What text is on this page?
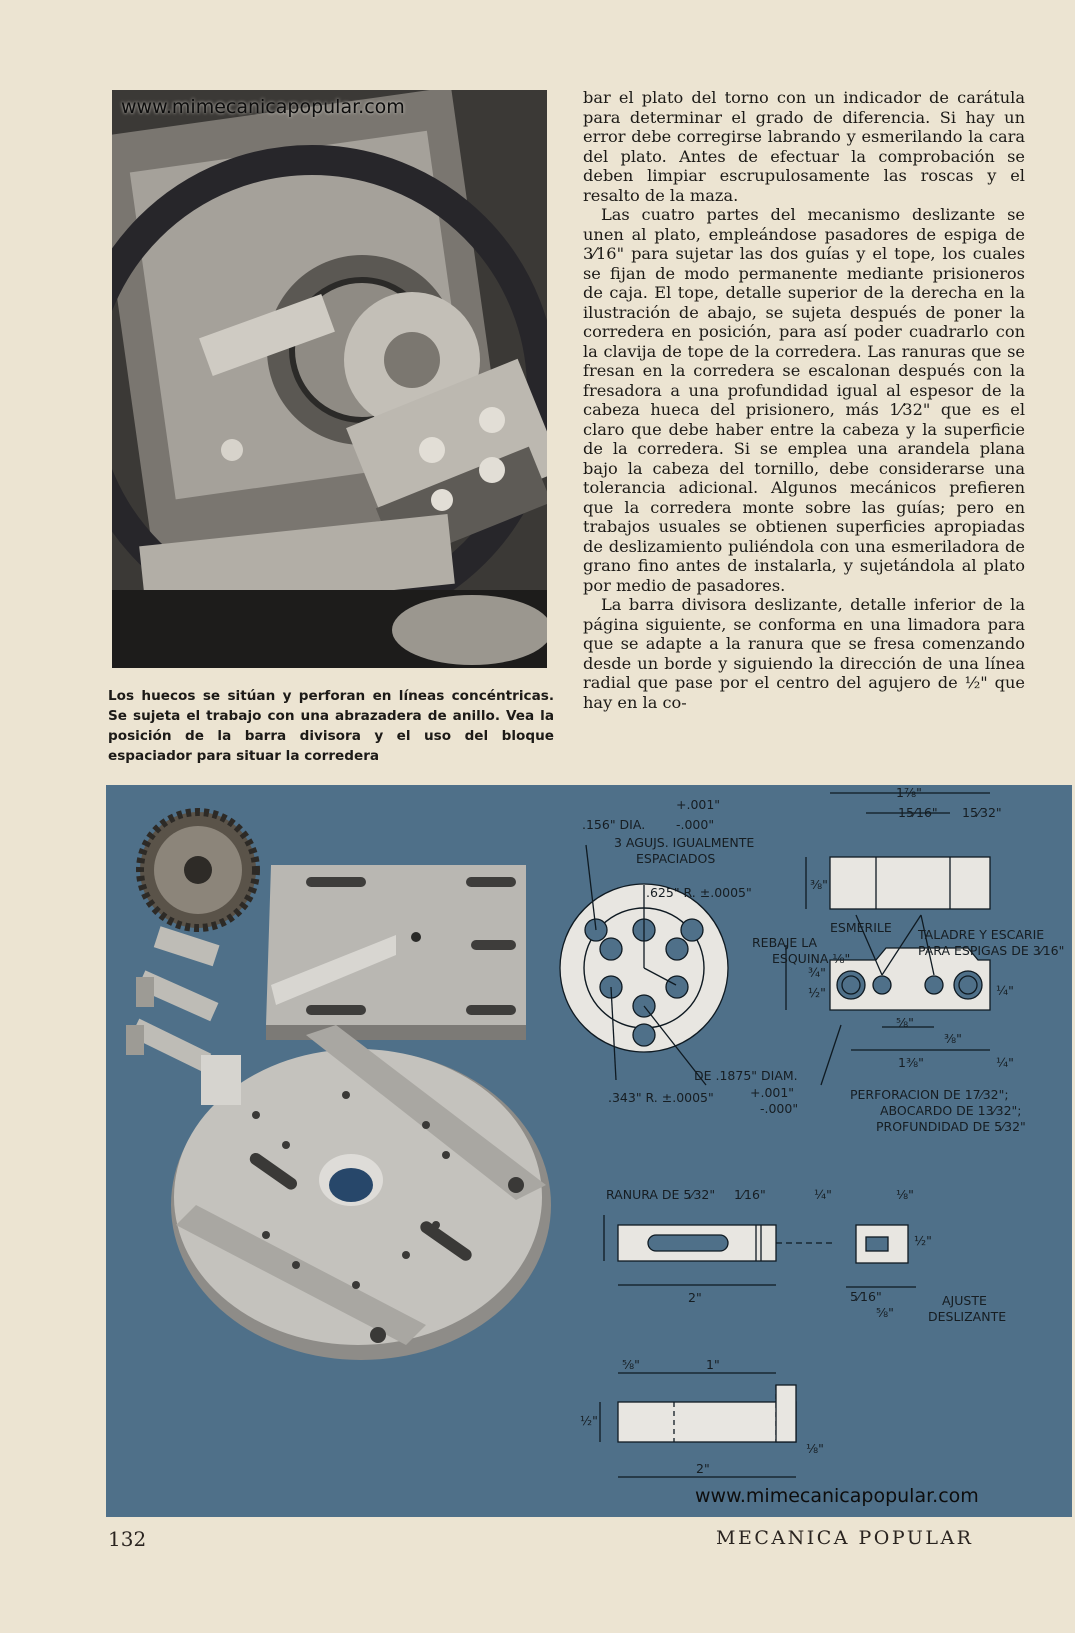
www.mimecanicapopular.com
Los huecos se sitúan y perforan en líneas concéntricas. Se sujeta el trabajo con una abrazadera de anillo. Vea la posición de la barra divisora y el uso del bloque espaciador para situar la corredera

bar el plato del torno con un indicador de carátula para determinar el grado de diferencia. Si hay un error debe corregirse labrando y esmerilando la cara del plato. Antes de efectuar la comprobación se deben limpiar escrupulosamente las roscas y el resalto de la maza.

Las cuatro partes del mecanismo deslizante se unen al plato, empleándose pasadores de espiga de 3⁄16" para sujetar las dos guías y el tope, los cuales se fijan de modo permanente mediante prisioneros de caja. El tope, detalle superior de la derecha en la ilustración de abajo, se sujeta después de poner la corredera en posición, para así poder cuadrarlo con la clavija de tope de la corredera. Las ranuras que se fresan en la corredera se escalonan después con la fresadora a una profundidad igual al espesor de la cabeza hueca del prisionero, más 1⁄32" que es el claro que debe haber entre la cabeza y la superficie de la corredera. Si se emplea una arandela plana bajo la cabeza del tornillo, debe considerarse una tolerancia adicional. Algunos mecánicos prefieren que la corredera monte sobre las guías; pero en trabajos usuales se obtienen superficies apropiadas de deslizamiento puliéndola con una esmeriladora de grano fino antes de instalarla, y sujetándola al plato por medio de pasadores.

La barra divisora deslizante, detalle inferior de la página siguiente, se conforma en una limadora para que se adapte a la ranura que se fresa comenzando desde un borde y siguiendo la dirección de una línea radial que pase por el centro del agujero de ½" que hay en la co-

+.001"
.156" DIA. -.000"
3 AGUJS. IGUALMENTE
ESPACIADOS
.625" R. ±.0005"
DE .1875" DIAM.
.343" R. ±.0005"	+.001"
-.000"
1⅞"
15⁄16" 15⁄32"
⅜"
ESMERILE TALADRE Y ESCARIE
PARA ESPIGAS DE 3⁄16"
REBAJE LA
ESQUINA ⅛"
¾"
½"	¼"
⅝"
⅜"
1⅜"	¼"
PERFORACION DE 17⁄32";
ABOCARDO DE 13⁄32";
PROFUNDIDAD DE 5⁄32"
RANURA DE 5⁄32" 1⁄16"	¼"	⅛"
½"
2"	5⁄16"
⅝"
AJUSTE
DESLIZANTE
⅝"	1"
½"
⅛"
2"
www.mimecanicapopular.com
132	MECANICA POPULAR
